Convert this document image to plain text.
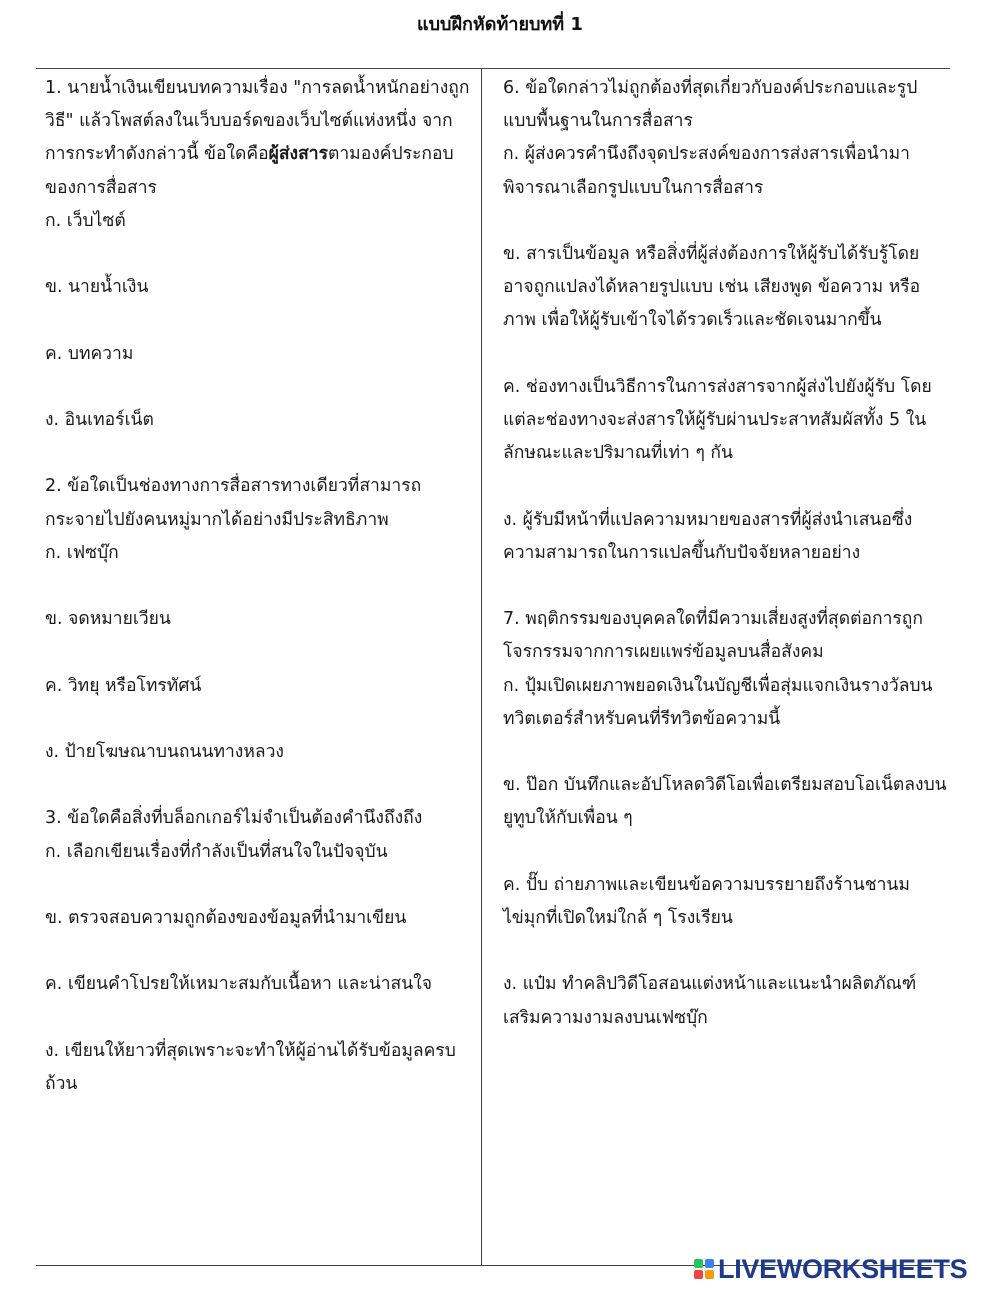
แบบฝึกหัดท้ายบทที่ 1
1. นายน้ำเงินเขียนบทความเรื่อง "การลดน้ำหนักอย่างถูกวิธี" แล้วโพสต์ลงในเว็บบอร์ดของเว็บไซต์แห่งหนึ่ง จากการกระทำดังกล่าวนี้ ข้อใดคือผู้ส่งสารตามองค์ประกอบของการสื่อสาร
ก. เว็บไซต์
ข. นายน้ำเงิน
ค. บทความ
ง. อินเทอร์เน็ต
2. ข้อใดเป็นช่องทางการสื่อสารทางเดียวที่สามารถกระจายไปยังคนหมู่มากได้อย่างมีประสิทธิภาพ
ก. เฟซบุ๊ก
ข. จดหมายเวียน
ค. วิทยุ หรือโทรทัศน์
ง. ป้ายโฆษณาบนถนนทางหลวง
3. ข้อใดคือสิ่งที่บล็อกเกอร์ไม่จำเป็นต้องคำนึงถึงถึง
ก. เลือกเขียนเรื่องที่กำลังเป็นที่สนใจในปัจจุบัน
ข. ตรวจสอบความถูกต้องของข้อมูลที่นำมาเขียน
ค. เขียนคำโปรยให้เหมาะสมกับเนื้อหา และน่าสนใจ
ง. เขียนให้ยาวที่สุดเพราะจะทำให้ผู้อ่านได้รับข้อมูลครบถ้วน
6. ข้อใดกล่าวไม่ถูกต้องที่สุดเกี่ยวกับองค์ประกอบและรูปแบบพื้นฐานในการสื่อสาร
ก. ผู้ส่งควรคำนึงถึงจุดประสงค์ของการส่งสารเพื่อนำมาพิจารณาเลือกรูปแบบในการสื่อสาร
ข. สารเป็นข้อมูล หรือสิ่งที่ผู้ส่งต้องการให้ผู้รับได้รับรู้โดยอาจถูกแปลงได้หลายรูปแบบ เช่น เสียงพูด ข้อความ หรือภาพ เพื่อให้ผู้รับเข้าใจได้รวดเร็วและชัดเจนมากขึ้น
ค. ช่องทางเป็นวิธีการในการส่งสารจากผู้ส่งไปยังผู้รับ โดยแต่ละช่องทางจะส่งสารให้ผู้รับผ่านประสาทสัมผัสทั้ง 5 ในลักษณะและปริมาณที่เท่า ๆ กัน
ง. ผู้รับมีหน้าที่แปลความหมายของสารที่ผู้ส่งนำเสนอซึ่งความสามารถในการแปลขึ้นกับปัจจัยหลายอย่าง
7. พฤติกรรมของบุคคลใดที่มีความเสี่ยงสูงที่สุดต่อการถูกโจรกรรมจากการเผยแพร่ข้อมูลบนสื่อสังคม
ก. ปุ้มเปิดเผยภาพยอดเงินในบัญชีเพื่อสุ่มแจกเงินรางวัลบนทวิตเตอร์สำหรับคนที่รีทวิตข้อความนี้
ข. ป๊อก บันทึกและอัปโหลดวิดีโอเพื่อเตรียมสอบโอเน็ตลงบนยูทูบให้กับเพื่อน ๆ
ค. ปั๊บ ถ่ายภาพและเขียนข้อความบรรยายถึงร้านชานมไข่มุกที่เปิดใหม่ใกล้ ๆ โรงเรียน
ง. แป๋ม ทำคลิปวิดีโอสอนแต่งหน้าและแนะนำผลิตภัณฑ์เสริมความงามลงบนเฟซบุ๊ก
LIVEWORKSHEETS
